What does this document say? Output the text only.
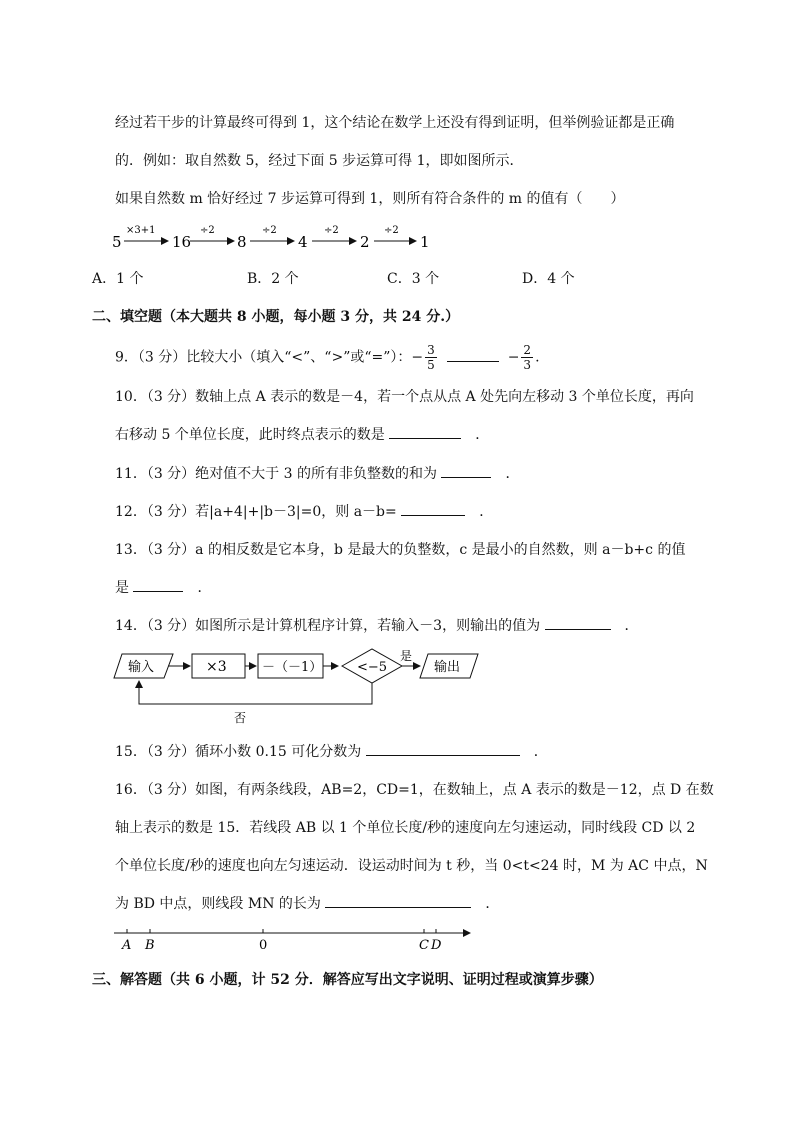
经过若干步的计算最终可得到 1，这个结论在数学上还没有得到证明，但举例验证都是正确
的．例如：取自然数 5，经过下面 5 步运算可得 1，即如图所示．
如果自然数 m 恰好经过 7 步运算可得到 1，则所有符合条件的 m 的值有（　　）
5
×3+1
16
÷2
8
÷2
4
÷2
2
÷2
1
A．1 个	B．2 个	C．3 个	D．4 个
二、填空题（本大题共 8 小题，每小题 3 分，共 24 分.）
9．（3 分）比较大小（填入“<”、“>”或“=”）：− $\frac{3}{5}$	− $\frac{2}{3}$ .
10．（3 分）数轴上点 A 表示的数是－4，若一个点从点 A 处先向左移动 3 个单位长度，再向
右移动 5 个单位长度，此时终点表示的数是 　	．
11．（3 分）绝对值不大于 3 的所有非负整数的和为 　	．
12．（3 分）若|a+4|+|b－3|=0，则 a－b= 　	．
13．（3 分）a 的相反数是它本身，b 是最大的负整数，c 是最小的自然数，则 a－b+c 的值
是 　	．
14．（3 分）如图所示是计算机程序计算，若输入－3，则输出的值为 　	．
输入	×3	－（－1）	<−5
是
输出
否
15．（3 分）循环小数 0.15 可化分数为 　	．
16．（3 分）如图，有两条线段，AB=2，CD=1，在数轴上，点 A 表示的数是－12，点 D 在数
轴上表示的数是 15．若线段 AB 以 1 个单位长度/秒的速度向左匀速运动，同时线段 CD 以 2
个单位长度/秒的速度也向左匀速运动．设运动时间为 t 秒，当 0<t<24 时，M 为 AC 中点，N
为 BD 中点，则线段 MN 的长为 　	．
A B	0	C D
三、解答题（共 6 小题，计 52 分．解答应写出文字说明、证明过程或演算步骤）
